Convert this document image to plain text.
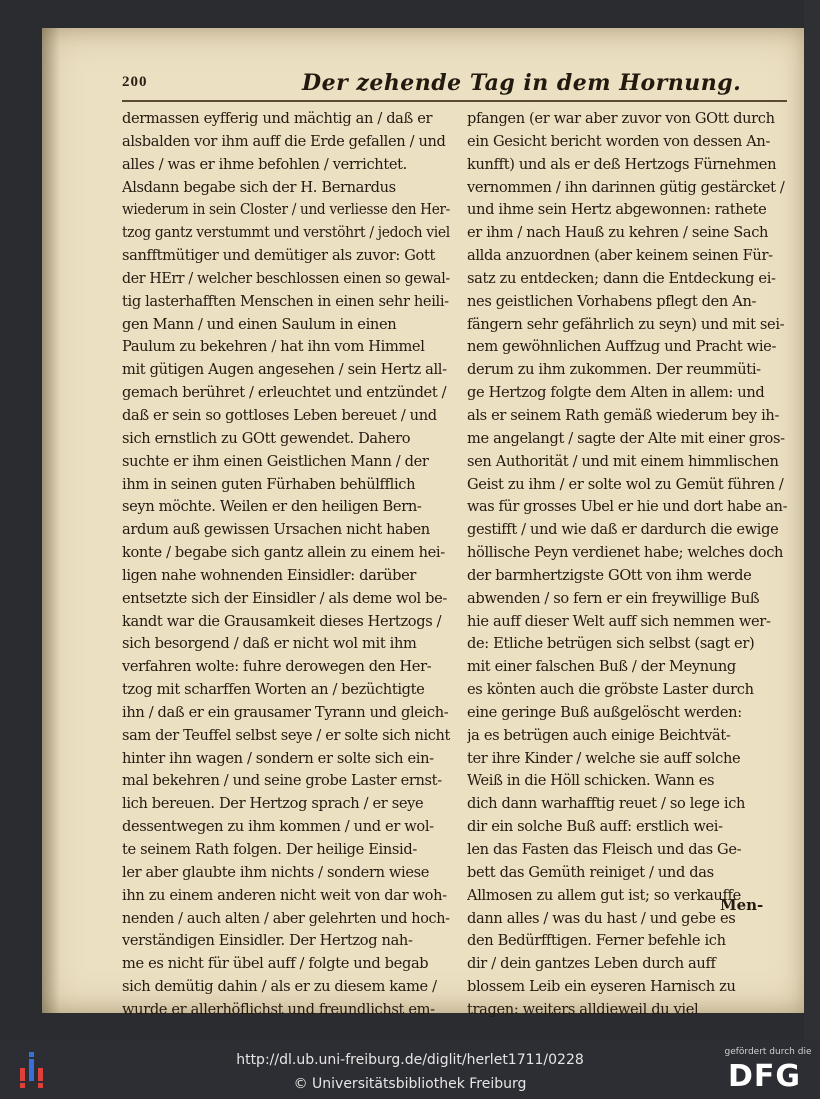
200	Der zehende Tag in dem Hornung.
dermassen eyfferig und mächtig an / daß er
alsbalden vor ihm auff die Erde gefallen / und
alles / was er ihme befohlen / verrichtet.
Alsdann begabe sich der H. Bernardus
wiederum in sein Closter / und verliesse den Her-
tzog gantz verstummt und verstöhrt / jedoch viel
sanfftmütiger und demütiger als zuvor: Gott
der HErr / welcher beschlossen einen so gewal-
tig lasterhafften Menschen in einen sehr heili-
gen Mann / und einen Saulum in einen
Paulum zu bekehren / hat ihn vom Himmel
mit gütigen Augen angesehen / sein Hertz all-
gemach berühret / erleuchtet und entzündet /
daß er sein so gottloses Leben bereuet / und
sich ernstlich zu GOtt gewendet. Dahero
suchte er ihm einen Geistlichen Mann / der
ihm in seinen guten Fürhaben behülfflich
seyn möchte. Weilen er den heiligen Bern-
ardum auß gewissen Ursachen nicht haben
konte / begabe sich gantz allein zu einem hei-
ligen nahe wohnenden Einsidler: darüber
entsetzte sich der Einsidler / als deme wol be-
kandt war die Grausamkeit dieses Hertzogs /
sich besorgend / daß er nicht wol mit ihm
verfahren wolte: fuhre derowegen den Her-
tzog mit scharffen Worten an / bezüchtigte
ihn / daß er ein grausamer Tyrann und gleich-
sam der Teuffel selbst seye / er solte sich nicht
hinter ihn wagen / sondern er solte sich ein-
mal bekehren / und seine grobe Laster ernst-
lich bereuen. Der Hertzog sprach / er seye
dessentwegen zu ihm kommen / und er wol-
te seinem Rath folgen. Der heilige Einsid-
ler aber glaubte ihm nichts / sondern wiese
ihn zu einem anderen nicht weit von dar woh-
nenden / auch alten / aber gelehrten und hoch-
verständigen Einsidler. Der Hertzog nah-
me es nicht für übel auff / folgte und begab
sich demütig dahin / als er zu diesem kame /
wurde er allerhöflichst und freundlichst em-
pfangen (er war aber zuvor von GOtt durch
ein Gesicht bericht worden von dessen An-
kunfft) und als er deß Hertzogs Fürnehmen
vernommen / ihn darinnen gütig gestärcket /
und ihme sein Hertz abgewonnen: rathete
er ihm / nach Hauß zu kehren / seine Sach
allda anzuordnen (aber keinem seinen Für-
satz zu entdecken; dann die Entdeckung ei-
nes geistlichen Vorhabens pflegt den An-
fängern sehr gefährlich zu seyn) und mit sei-
nem gewöhnlichen Auffzug und Pracht wie-
derum zu ihm zukommen. Der reummüti-
ge Hertzog folgte dem Alten in allem: und
als er seinem Rath gemäß wiederum bey ih-
me angelangt / sagte der Alte mit einer gros-
sen Authorität / und mit einem himmlischen
Geist zu ihm / er solte wol zu Gemüt führen /
was für grosses Ubel er hie und dort habe an-
gestifft / und wie daß er dardurch die ewige
höllische Peyn verdienet habe; welches doch
der barmhertzigste GOtt von ihm werde
abwenden / so fern er ein freywillige Buß
hie auff dieser Welt auff sich nemmen wer-
de: Etliche betrügen sich selbst (sagt er)
mit einer falschen Buß / der Meynung
es könten auch die gröbste Laster durch
eine geringe Buß außgelöscht werden:
ja es betrügen auch einige Beichtvät-
ter ihre Kinder / welche sie auff solche
Weiß in die Höll schicken. Wann es
dich dann warhafftig reuet / so lege ich
dir ein solche Buß auff: erstlich wei-
len das Fasten das Fleisch und das Ge-
bett das Gemüth reiniget / und das
Allmosen zu allem gut ist; so verkauffe
dann alles / was du hast / und gebe es
den Bedürfftigen. Ferner befehle ich
dir / dein gantzes Leben durch auff
blossem Leib ein eyseren Harnisch zu
tragen: weiters alldieweil du viel
Men-
http://dl.ub.uni-freiburg.de/diglit/herlet1711/0228
© Universitätsbibliothek Freiburg
gefördert durch die
DFG
